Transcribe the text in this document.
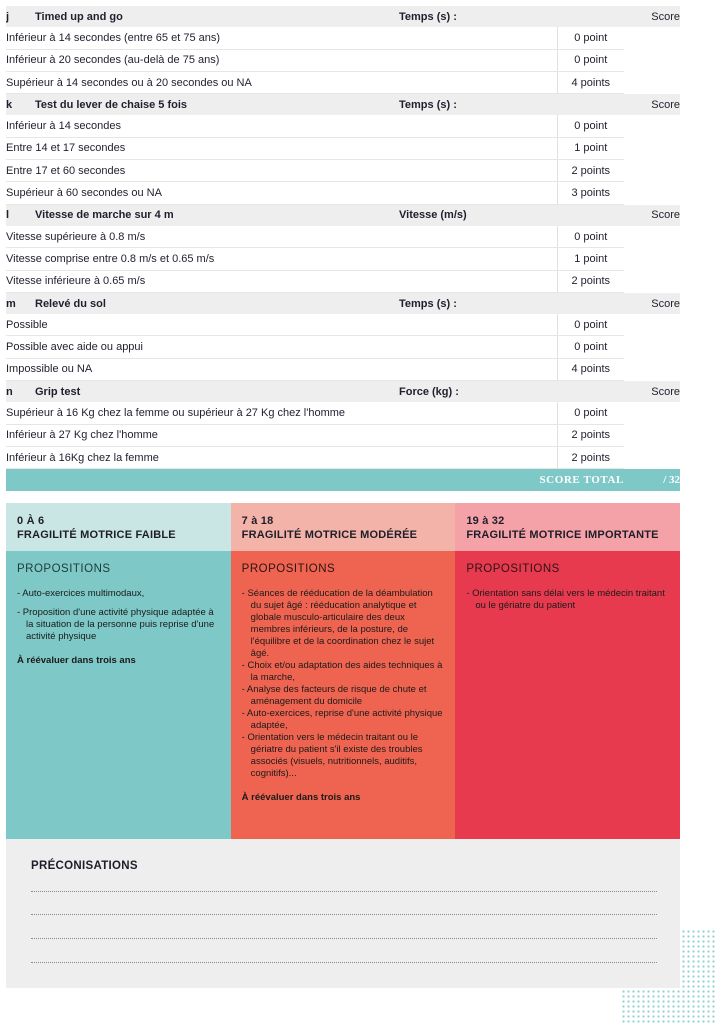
j	Timed up and go	Temps (s) :	Score	
Inférieur à 14 secondes (entre 65 et 75 ans)			0 point	
Inférieur à 20 secondes (au-delà de 75 ans)			0 point	
Supérieur à 14 secondes ou à 20 secondes ou NA			4 points	
k	Test du lever de chaise 5 fois	Temps (s) :	Score	
Inférieur à 14 secondes			0 point	
Entre 14 et 17 secondes			1 point	
Entre 17 et 60 secondes			2 points	
Supérieur à 60 secondes ou NA			3 points	
l	Vitesse de marche sur 4 m	Vitesse (m/s)	Score	
Vitesse supérieure à 0.8 m/s			0 point	
Vitesse comprise entre 0.8 m/s et 0.65 m/s			1 point	
Vitesse inférieure à 0.65 m/s			2 points	
m	Relevé du sol	Temps (s) :	Score	
Possible			0 point	
Possible avec aide ou appui			0 point	
Impossible ou NA			4 points	
n	Grip test	Force (kg) :	Score	
Supérieur à 16 Kg chez la femme ou supérieur à 27 Kg chez l'homme			0 point	
Inférieur à 27 Kg chez l'homme			2 points	
Inférieur à 16Kg chez la femme			2 points	
SCORE TOTAL				/ 32
0 À 6
FRAGILITÉ MOTRICE FAIBLE
PROPOSITIONS
- Auto-exercices multimodaux,
- Proposition d'une activité physique adaptée à la situation de la personne puis reprise d'une activité physique
À réévaluer dans trois ans
7 à 18
FRAGILITÉ MOTRICE MODÉRÉE
PROPOSITIONS
- Séances de rééducation de la déambulation du sujet âgé : rééducation analytique et globale musculo-articulaire des deux membres inférieurs, de la posture, de l'équilibre et de la coordination chez le sujet âgé.
- Choix et/ou adaptation des aides techniques à la marche,
- Analyse des facteurs de risque de chute et aménagement du domicile
- Auto-exercices, reprise d'une activité physique adaptée,
- Orientation vers le médecin traitant ou le gériatre du patient s'il existe des troubles associés (visuels, nutritionnels, auditifs, cognitifs)...
À réévaluer dans trois ans
19 à 32
FRAGILITÉ MOTRICE IMPORTANTE
PROPOSITIONS
- Orientation sans délai vers le médecin traitant ou le gériatre du patient
PRÉCONISATIONS
